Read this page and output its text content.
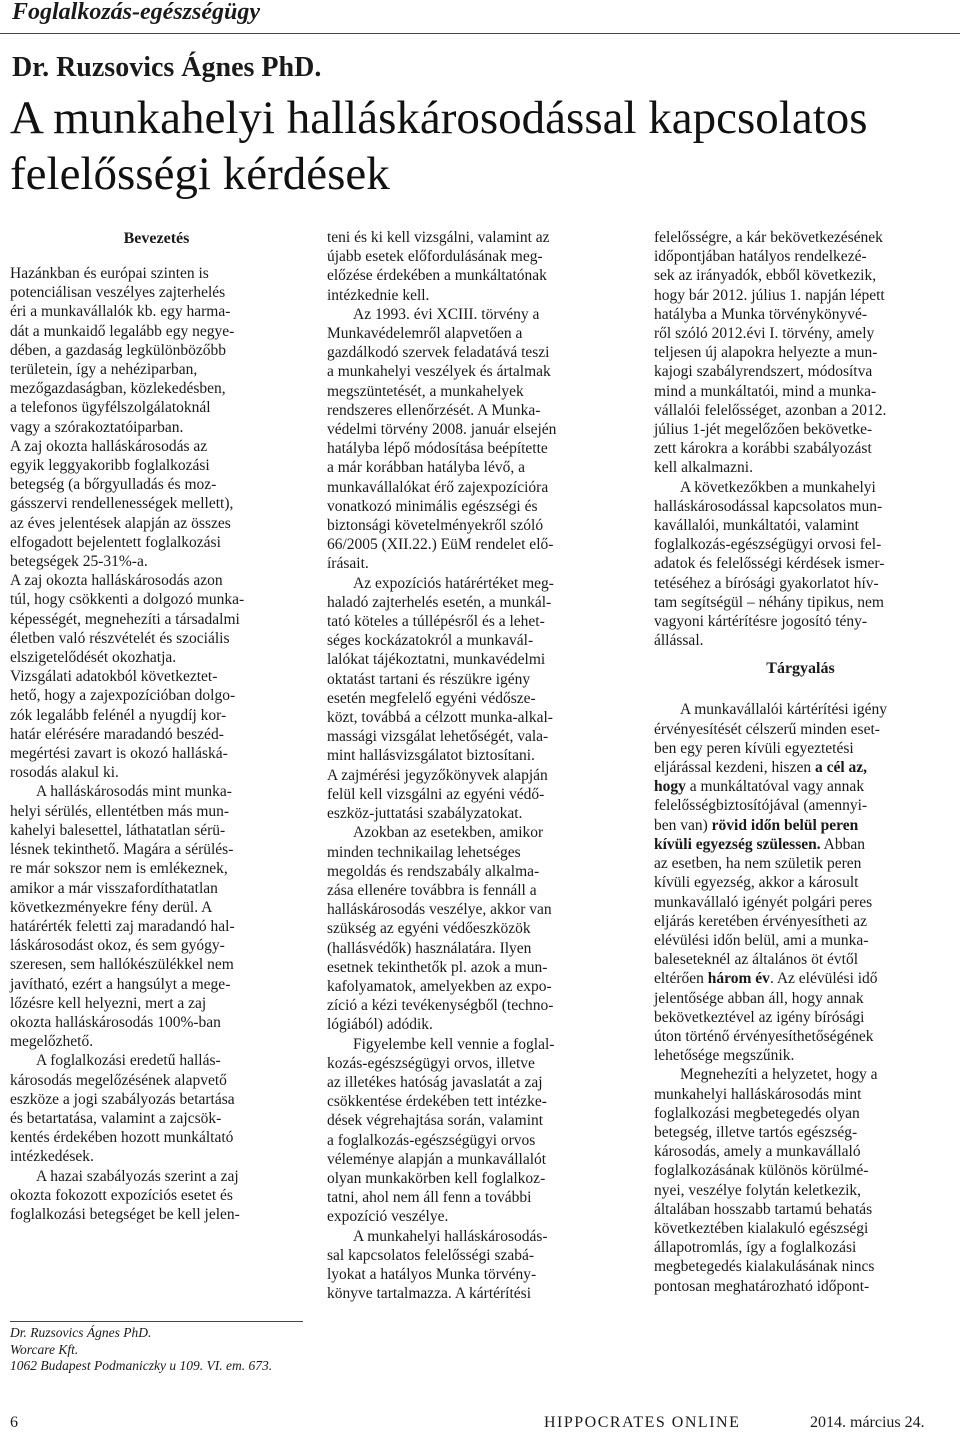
Foglalkozás-egészségügy
Dr. Ruzsovics Ágnes PhD.
A munkahelyi halláskárosodással kapcsolatos felelősségi kérdések
Bevezetés

Hazánkban és európai szinten is
potenciálisan veszélyes zajterhelés
éri a munkavállalók kb. egy harma-
dát a munkaidő legalább egy negye-
dében, a gazdaság legkülönbözőbb
területein, így a nehéziparban,
mezőgazdaságban, közlekedésben,
a telefonos ügyfélszolgálatoknál
vagy a szórakoztatóiparban.

A zaj okozta halláskárosodás az
egyik leggyakoribb foglalkozási
betegség (a bőrgyulladás és moz-
gásszervi rendellenességek mellett),
az éves jelentések alapján az összes
elfogadott bejelentett foglalkozási
betegségek 25-31%-a.

A zaj okozta halláskárosodás azon
túl, hogy csökkenti a dolgozó munka-
képességét, megnehezíti a társadalmi
életben való részvételét és szociális
elszigetelődését okozhatja.

Vizsgálati adatokból következtet-
hető, hogy a zajexpozícióban dolgo-
zók legalább felénél a nyugdíj kor-
határ elérésére maradandó beszéd-
megértési zavart is okozó halláská-
rosodás alakul ki.

A halláskárosodás mint munka-
helyi sérülés, ellentétben más mun-
kahelyi balesettel, láthatatlan sérü-
lésnek tekinthető. Magára a sérülés-
re már sokszor nem is emlékeznek,
amikor a már visszafordíthatatlan
következményekre fény derül. A
határérték feletti zaj maradandó hal-
láskárosodást okoz, és sem gyógy-
szeresen, sem hallókészülékkel nem
javítható, ezért a hangsúlyt a mege-
lőzésre kell helyezni, mert a zaj
okozta halláskárosodás 100%-ban
megelőzhető.

A foglalkozási eredetű hallás-
károsodás megelőzésének alapvető
eszköze a jogi szabályozás betartása
és betartatása, valamint a zajcsök-
kentés érdekében hozott munkáltató
intézkedések.

A hazai szabályozás szerint a zaj
okozta fokozott expozíciós esetet és
foglalkozási betegséget be kell jelen-

Dr. Ruzsovics Ágnes PhD.
Worcare Kft.
1062 Budapest Podmaniczky u 109. VI. em. 673.

teni és ki kell vizsgálni, valamint az
újabb esetek előfordulásának meg-
előzése érdekében a munkáltatónak
intézkednie kell.

Az 1993. évi XCIII. törvény a
Munkavédelemről alapvetően a
gazdálkodó szervek feladatává teszi
a munkahelyi veszélyek és ártalmak
megszüntetését, a munkahelyek
rendszeres ellenőrzését. A Munka-
védelmi törvény 2008. január elsején
hatályba lépő módosítása beépítette
a már korábban hatályba lévő, a
munkavállalókat érő zajexpozícióra
vonatkozó minimális egészségi és
biztonsági követelményekről szóló
66/2005 (XII.22.) EüM rendelet elő-
írásait.

Az expozíciós határértéket meg-
haladó zajterhelés esetén, a munkál-
tató köteles a túllépésről és a lehet-
séges kockázatokról a munkavál-
lalókat tájékoztatni, munkavédelmi
oktatást tartani és részükre igény
esetén megfelelő egyéni védősze-
közt, továbbá a célzott munka-alkal-
massági vizsgálat lehetőségét, vala-
mint hallásvizsgálatot biztosítani.
A zajmérési jegyzőkönyvek alapján
felül kell vizsgálni az egyéni védő-
eszköz-juttatási szabályzatokat.

Azokban az esetekben, amikor
minden technikailag lehetséges
megoldás és rendszabály alkalma-
zása ellenére továbbra is fennáll a
halláskárosodás veszélye, akkor van
szükség az egyéni védőeszközök
(hallásvédők) használatára. Ilyen
esetnek tekinthetők pl. azok a mun-
kafolyamatok, amelyekben az expo-
zíció a kézi tevékenységből (techno-
lógiából) adódik.

Figyelembe kell vennie a foglal-
kozás-egészségügyi orvos, illetve
az illetékes hatóság javaslatát a zaj
csökkentése érdekében tett intézke-
dések végrehajtása során, valamint
a foglalkozás-egészségügyi orvos
véleménye alapján a munkavállalót
olyan munkakörben kell foglalkoz-
tatni, ahol nem áll fenn a további
expozíció veszélye.

A munkahelyi halláskárosodás-
sal kapcsolatos felelősségi szabá-
lyokat a hatályos Munka törvény-
könyve tartalmazza. A kártérítési

felelősségre, a kár bekövetkezésének
időpontjában hatályos rendelkezé-
sek az irányadók, ebből következik,
hogy bár 2012. július 1. napján lépett
hatályba a Munka törvénykönyvé-
ről szóló 2012.évi I. törvény, amely
teljesen új alapokra helyezte a mun-
kajogi szabályrendszert, módosítva
mind a munkáltatói, mind a munka-
vállalói felelősséget, azonban a 2012.
július 1-jét megelőzően bekövetke-
zett károkra a korábbi szabályozást
kell alkalmazni.

A következőkben a munkahelyi
halláskárosodással kapcsolatos mun-
kavállalói, munkáltatói, valamint
foglalkozás-egészségügyi orvosi fel-
adatok és felelősségi kérdések ismer-
tetéséhez a bírósági gyakorlatot hív-
tam segítségül – néhány tipikus, nem
vagyoni kártérítésre jogosító tény-
állással.

Tárgyalás

A munkavállalói kártérítési igény
érvényesítését célszerű minden eset-
ben egy peren kívüli egyeztetési
eljárással kezdeni, hiszen a cél az,
hogy a munkáltatóval vagy annak
felelősségbiztosítójával (amennyi-
ben van) rövid időn belül peren
kívüli egyezség szülessen. Abban
az esetben, ha nem születik peren
kívüli egyezség, akkor a károsult
munkavállaló igényét polgári peres
eljárás keretében érvényesítheti az
elévülési időn belül, ami a munka-
baleseteknél az általános öt évtől
eltérően három év. Az elévülési idő
jelentősége abban áll, hogy annak
bekövetkeztével az igény bírósági
úton történő érvényesíthetőségének
lehetősége megszűnik.

Megnehezíti a helyzetet, hogy a
munkahelyi halláskárosodás mint
foglalkozási megbetegedés olyan
betegség, illetve tartós egészség-
károsodás, amely a munkavállaló
foglalkozásának különös körülmé-
nyei, veszélye folytán keletkezik,
általában hosszabb tartamú behatás
következtében kialakuló egészségi
állapotromlás, így a foglalkozási
megbetegedés kialakulásának nincs
pontosan meghatározható időpont-

6	HIPPOCRATES ONLINE	2014. március 24.
